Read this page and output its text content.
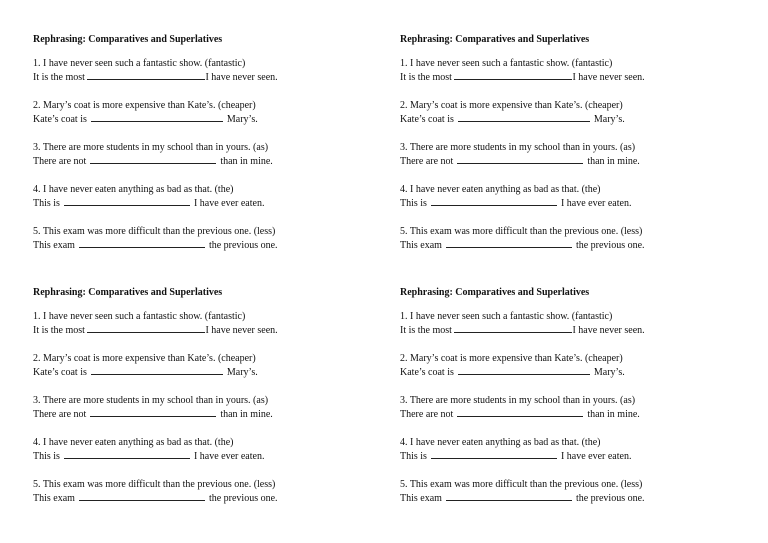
Rephrasing: Comparatives and Superlatives
1. I have never seen such a fantastic show. (fantastic)
It is the most	I have never seen.
2. Mary’s coat is more expensive than Kate’s. (cheaper)
Kate’s coat is	Mary’s.
3. There are more students in my school than in yours. (as)
There are not	than in mine.
4. I have never eaten anything as bad as that. (the)
This is	I have ever eaten.
5. This exam was more difficult than the previous one. (less)
This exam	the previous one.
Rephrasing: Comparatives and Superlatives
1. I have never seen such a fantastic show. (fantastic)
It is the most	I have never seen.
2. Mary’s coat is more expensive than Kate’s. (cheaper)
Kate’s coat is	Mary’s.
3. There are more students in my school than in yours. (as)
There are not	than in mine.
4. I have never eaten anything as bad as that. (the)
This is	I have ever eaten.
5. This exam was more difficult than the previous one. (less)
This exam	the previous one.
Rephrasing: Comparatives and Superlatives
1. I have never seen such a fantastic show. (fantastic)
It is the most	I have never seen.
2. Mary’s coat is more expensive than Kate’s. (cheaper)
Kate’s coat is	Mary’s.
3. There are more students in my school than in yours. (as)
There are not	than in mine.
4. I have never eaten anything as bad as that. (the)
This is	I have ever eaten.
5. This exam was more difficult than the previous one. (less)
This exam	the previous one.
Rephrasing: Comparatives and Superlatives
1. I have never seen such a fantastic show. (fantastic)
It is the most	I have never seen.
2. Mary’s coat is more expensive than Kate’s. (cheaper)
Kate’s coat is	Mary’s.
3. There are more students in my school than in yours. (as)
There are not	than in mine.
4. I have never eaten anything as bad as that. (the)
This is	I have ever eaten.
5. This exam was more difficult than the previous one. (less)
This exam	the previous one.
